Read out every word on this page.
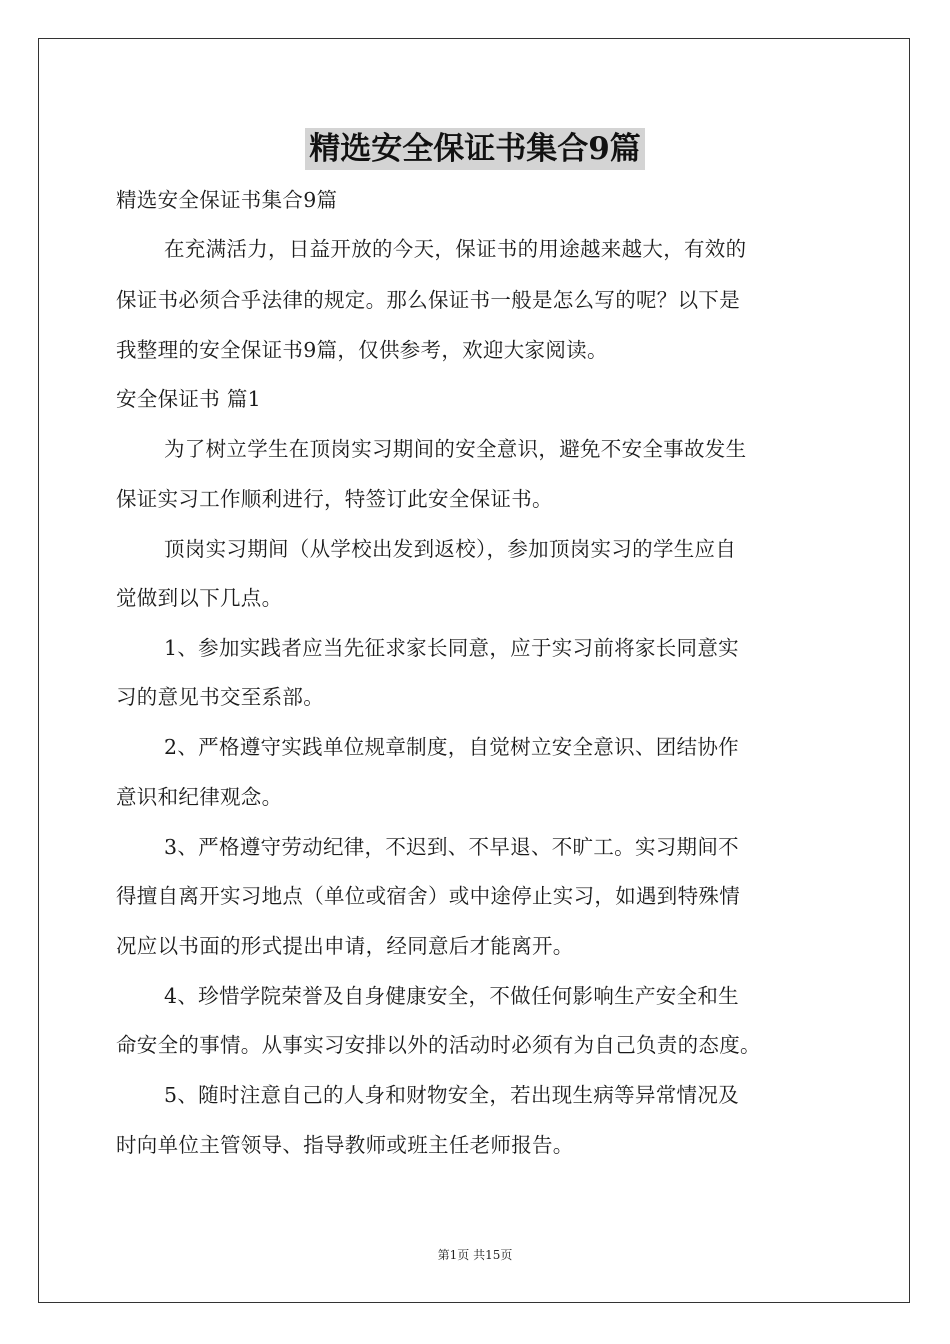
精选安全保证书集合9篇
精选安全保证书集合9篇
在充满活力，日益开放的今天，保证书的用途越来越大，有效的
保证书必须合乎法律的规定。那么保证书一般是怎么写的呢？以下是
我整理的安全保证书9篇，仅供参考，欢迎大家阅读。
安全保证书 篇1
为了树立学生在顶岗实习期间的安全意识，避免不安全事故发生
保证实习工作顺利进行，特签订此安全保证书。
顶岗实习期间（从学校出发到返校），参加顶岗实习的学生应自
觉做到以下几点。
1、参加实践者应当先征求家长同意，应于实习前将家长同意实
习的意见书交至系部。
2、严格遵守实践单位规章制度，自觉树立安全意识、团结协作
意识和纪律观念。
3、严格遵守劳动纪律，不迟到、不早退、不旷工。实习期间不
得擅自离开实习地点（单位或宿舍）或中途停止实习，如遇到特殊情
况应以书面的形式提出申请，经同意后才能离开。
4、珍惜学院荣誉及自身健康安全，不做任何影响生产安全和生
命安全的事情。从事实习安排以外的活动时必须有为自己负责的态度。
5、随时注意自己的人身和财物安全，若出现生病等异常情况及
时向单位主管领导、指导教师或班主任老师报告。
第1页 共15页
